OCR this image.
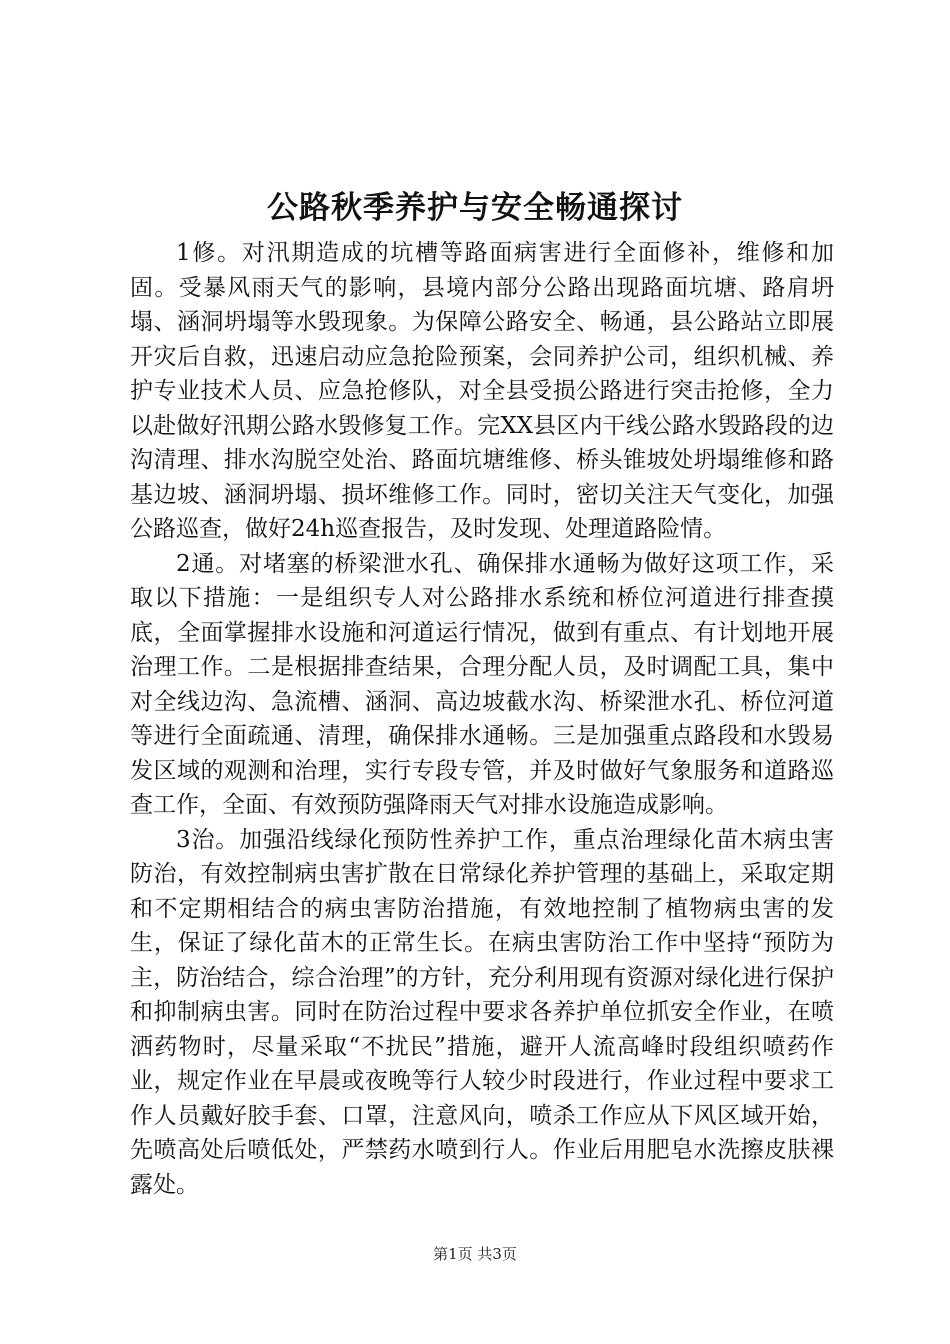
公路秋季养护与安全畅通探讨

1修。对汛期造成的坑槽等路面病害进行全面修补，维修和加固。受暴风雨天气的影响，县境内部分公路出现路面坑塘、路肩坍塌、涵洞坍塌等水毁现象。为保障公路安全、畅通，县公路站立即展开灾后自救，迅速启动应急抢险预案，会同养护公司，组织机械、养护专业技术人员、应急抢修队，对全县受损公路进行突击抢修，全力以赴做好汛期公路水毁修复工作。完XX县区内干线公路水毁路段的边沟清理、排水沟脱空处治、路面坑塘维修、桥头锥坡处坍塌维修和路基边坡、涵洞坍塌、损坏维修工作。同时，密切关注天气变化，加强公路巡查，做好24h巡查报告，及时发现、处理道路险情。

2通。对堵塞的桥梁泄水孔、确保排水通畅为做好这项工作，采取以下措施：一是组织专人对公路排水系统和桥位河道进行排查摸底，全面掌握排水设施和河道运行情况，做到有重点、有计划地开展治理工作。二是根据排查结果，合理分配人员，及时调配工具，集中对全线边沟、急流槽、涵洞、高边坡截水沟、桥梁泄水孔、桥位河道等进行全面疏通、清理，确保排水通畅。三是加强重点路段和水毁易发区域的观测和治理，实行专段专管，并及时做好气象服务和道路巡查工作，全面、有效预防强降雨天气对排水设施造成影响。

3治。加强沿线绿化预防性养护工作，重点治理绿化苗木病虫害防治，有效控制病虫害扩散在日常绿化养护管理的基础上，采取定期和不定期相结合的病虫害防治措施，有效地控制了植物病虫害的发生，保证了绿化苗木的正常生长。在病虫害防治工作中坚持“预防为主，防治结合，综合治理”的方针，充分利用现有资源对绿化进行保护和抑制病虫害。同时在防治过程中要求各养护单位抓安全作业，在喷洒药物时，尽量采取“不扰民”措施，避开人流高峰时段组织喷药作业，规定作业在早晨或夜晚等行人较少时段进行，作业过程中要求工作人员戴好胶手套、口罩，注意风向，喷杀工作应从下风区域开始，先喷高处后喷低处，严禁药水喷到行人。作业后用肥皂水洗擦皮肤裸露处。

第1页 共3页
